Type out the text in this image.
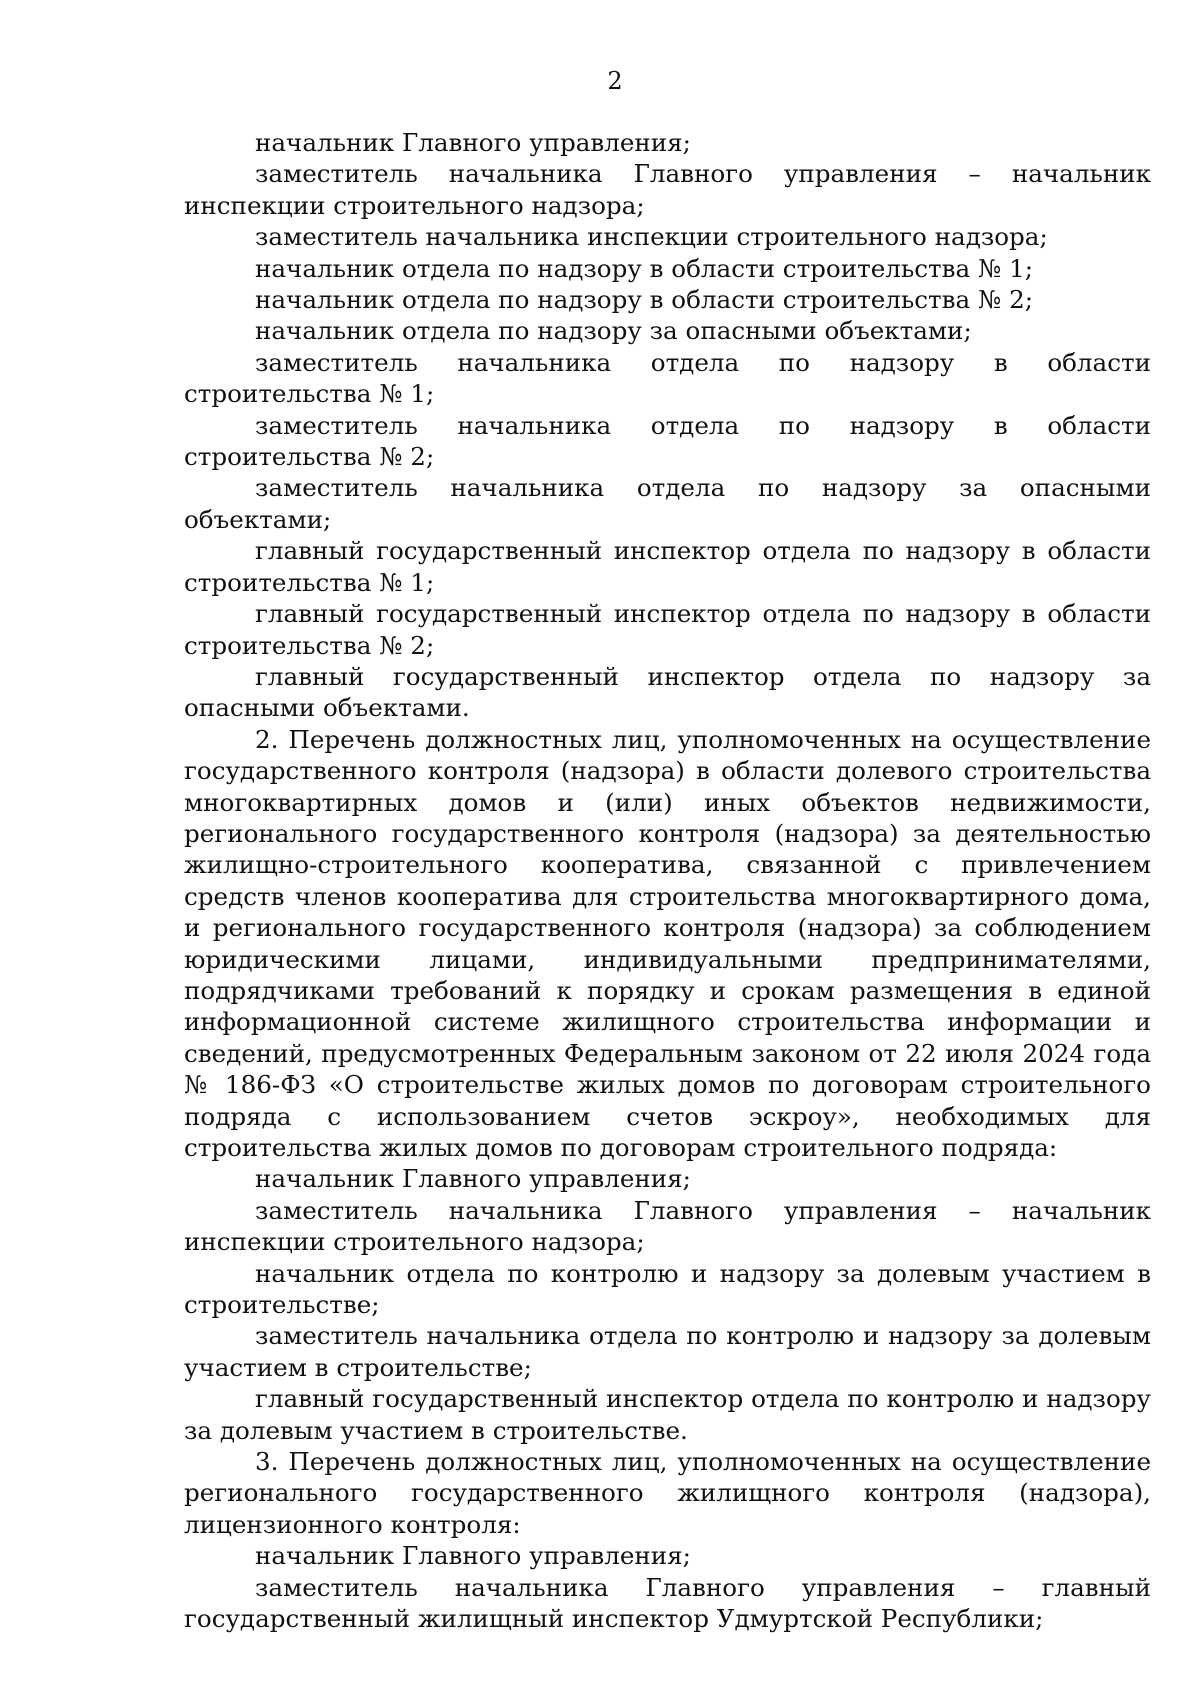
2

начальник Главного управления;

заместитель начальника Главного управления – начальник инспекции строительного надзора;

заместитель начальника инспекции строительного надзора;

начальник отдела по надзору в области строительства № 1;

начальник отдела по надзору в области строительства № 2;

начальник отдела по надзору за опасными объектами;

заместитель начальника отдела по надзору в области строительства № 1;

заместитель начальника отдела по надзору в области строительства № 2;

заместитель начальника отдела по надзору за опасными объектами;

главный государственный инспектор отдела по надзору в области строительства № 1;

главный государственный инспектор отдела по надзору в области строительства № 2;

главный государственный инспектор отдела по надзору за опасными объектами.

2. Перечень должностных лиц, уполномоченных на осуществление государственного контроля (надзора) в области долевого строительства многоквартирных домов и (или) иных объектов недвижимости, регионального государственного контроля (надзора) за деятельностью жилищно-строительного кооператива, связанной с привлечением средств членов кооператива для строительства многоквартирного дома, и регионального государственного контроля (надзора) за соблюдением юридическими лицами, индивидуальными предпринимателями, подрядчиками требований к порядку и срокам размещения в единой информационной системе жилищного строительства информации и сведений, предусмотренных Федеральным законом от 22 июля 2024 года № 186-ФЗ «О строительстве жилых домов по договорам строительного подряда с использованием счетов эскроу», необходимых для строительства жилых домов по договорам строительного подряда:

начальник Главного управления;

заместитель начальника Главного управления – начальник инспекции строительного надзора;

начальник отдела по контролю и надзору за долевым участием в строительстве;

заместитель начальника отдела по контролю и надзору за долевым участием в строительстве;

главный государственный инспектор отдела по контролю и надзору за долевым участием в строительстве.

3. Перечень должностных лиц, уполномоченных на осуществление регионального государственного жилищного контроля (надзора), лицензионного контроля:

начальник Главного управления;

заместитель начальника Главного управления – главный государственный жилищный инспектор Удмуртской Республики;
